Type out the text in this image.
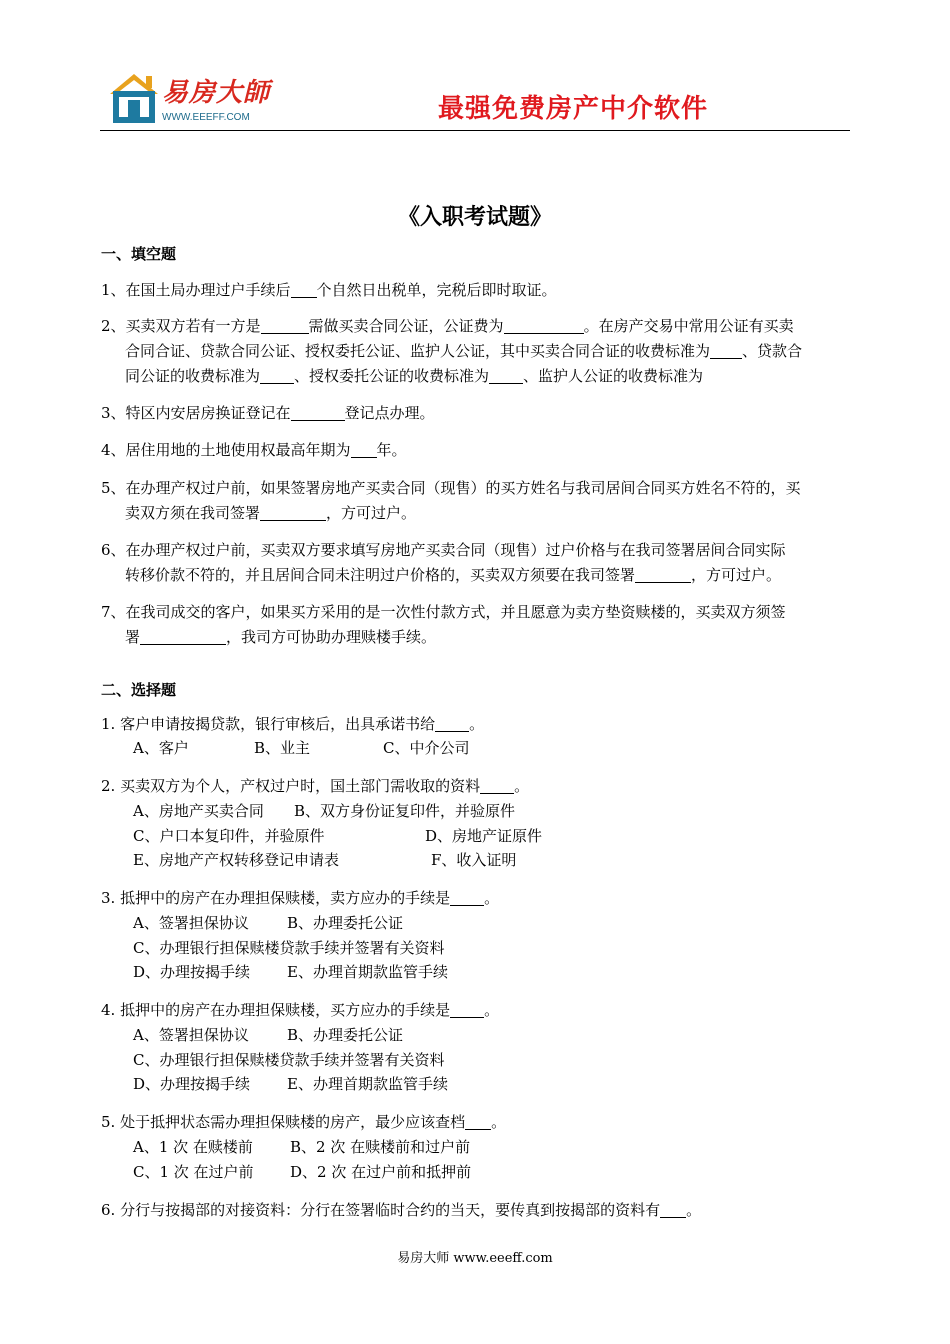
易房大師
WWW.EEEFF.COM	最强免费房产中介软件
《入职考试题》
一、填空题
1、在国土局办理过户手续后 个自然日出税单，完税后即时取证。
2、买卖双方若有一方是	需做买卖合同公证，公证费为	。在房产交易中常用公证有买卖
合同合证、贷款合同公证、授权委托公证、监护人公证，其中买卖合同合证的收费标准为 、贷款合
同公证的收费标准为 、授权委托公证的收费标准为 、监护人公证的收费标准为
3、特区内安居房换证登记在	登记点办理。
4、居住用地的土地使用权最高年期为 年。
5、在办理产权过户前，如果签署房地产买卖合同（现售）的买方姓名与我司居间合同买方姓名不符的，买
卖双方须在我司签署	，方可过户。
6、在办理产权过户前，买卖双方要求填写房地产买卖合同（现售）过户价格与在我司签署居间合同实际
转移价款不符的，并且居间合同未注明过户价格的，买卖双方须要在我司签署	，方可过户。
7、在我司成交的客户，如果买方采用的是一次性付款方式，并且愿意为卖方垫资赎楼的，买卖双方须签
署	，我司方可协助办理赎楼手续。
二、选择题
1. 客户申请按揭贷款，银行审核后，出具承诺书给 。
A、客户	B、业主	C、中介公司
2. 买卖双方为个人，产权过户时，国土部门需收取的资料 。
A、房地产买卖合同 B、双方身份证复印件，并验原件
C、户口本复印件，并验原件	D、房地产证原件
E、房地产产权转移登记申请表	F、收入证明
3. 抵押中的房产在办理担保赎楼，卖方应办的手续是 。
A、签署担保协议	B、办理委托公证
C、办理银行担保赎楼贷款手续并签署有关资料
D、办理按揭手续 E、办理首期款监管手续
4. 抵押中的房产在办理担保赎楼，买方应办的手续是 。
A、签署担保协议	B、办理委托公证
C、办理银行担保赎楼贷款手续并签署有关资料
D、办理按揭手续 E、办理首期款监管手续
5. 处于抵押状态需办理担保赎楼的房产，最少应该查档 。
A、1 次 在赎楼前 B、2 次 在赎楼前和过户前
C、1 次 在过户前 D、2 次 在过户前和抵押前
6. 分行与按揭部的对接资料：分行在签署临时合约的当天，要传真到按揭部的资料有 。
易房大师 www.eeeff.com
